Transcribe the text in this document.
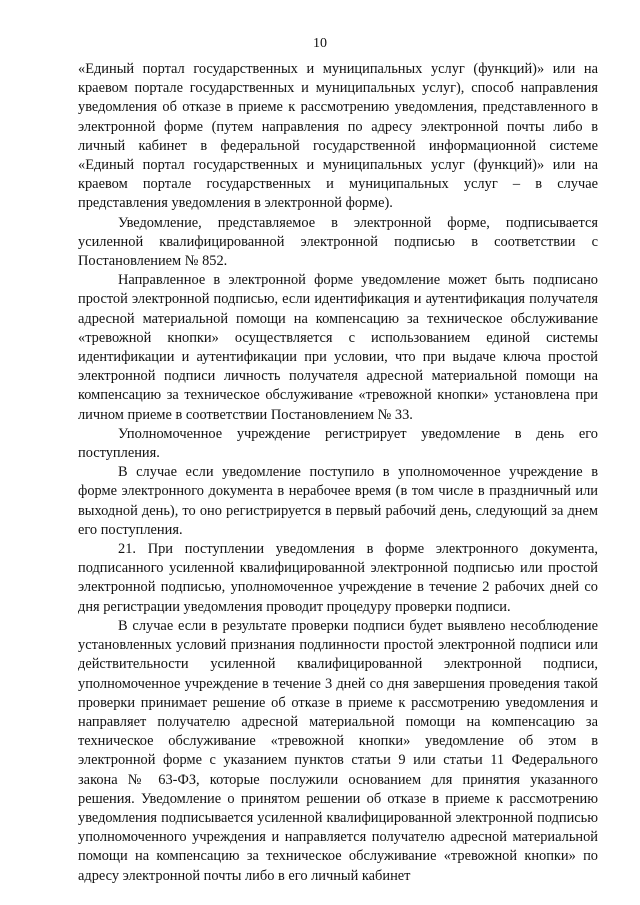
10

«Единый портал государственных и муниципальных услуг (функций)» или на краевом портале государственных и муниципальных услуг), способ направления уведомления об отказе в приеме к рассмотрению уведомления, представленного в электронной форме (путем направления по адресу электронной почты либо в личный кабинет в федеральной государственной информационной системе «Единый портал государственных и муниципальных услуг (функций)» или на краевом портале государственных и муниципальных услуг – в случае представления уведомления в электронной форме).

Уведомление, представляемое в электронной форме, подписывается усиленной квалифицированной электронной подписью в соответствии с Постановлением № 852.

Направленное в электронной форме уведомление может быть подписано простой электронной подписью, если идентификация и аутентификация получателя адресной материальной помощи на компенсацию за техническое обслуживание «тревожной кнопки» осуществляется с использованием единой системы идентификации и аутентификации при условии, что при выдаче ключа простой электронной подписи личность получателя адресной материальной помощи на компенсацию за техническое обслуживание «тревожной кнопки» установлена при личном приеме в соответствии Постановлением № 33.

Уполномоченное учреждение регистрирует уведомление в день его поступления.

В случае если уведомление поступило в уполномоченное учреждение в форме электронного документа в нерабочее время (в том числе в праздничный или выходной день), то оно регистрируется в первый рабочий день, следующий за днем его поступления.

21. При поступлении уведомления в форме электронного документа, подписанного усиленной квалифицированной электронной подписью или простой электронной подписью, уполномоченное учреждение в течение 2 рабочих дней со дня регистрации уведомления проводит процедуру проверки подписи.

В случае если в результате проверки подписи будет выявлено несоблюдение установленных условий признания подлинности простой электронной подписи или действительности усиленной квалифицированной электронной подписи, уполномоченное учреждение в течение 3 дней со дня завершения проведения такой проверки принимает решение об отказе в приеме к рассмотрению уведомления и направляет получателю адресной материальной помощи на компенсацию за техническое обслуживание «тревожной кнопки» уведомление об этом в электронной форме с указанием пунктов статьи 9 или статьи 11 Федерального закона № 63-ФЗ, которые послужили основанием для принятия указанного решения. Уведомление о принятом решении об отказе в приеме к рассмотрению уведомления подписывается усиленной квалифицированной электронной подписью уполномоченного учреждения и направляется получателю адресной материальной помощи на компенсацию за техническое обслуживание «тревожной кнопки» по адресу электронной почты либо в его личный кабинет
